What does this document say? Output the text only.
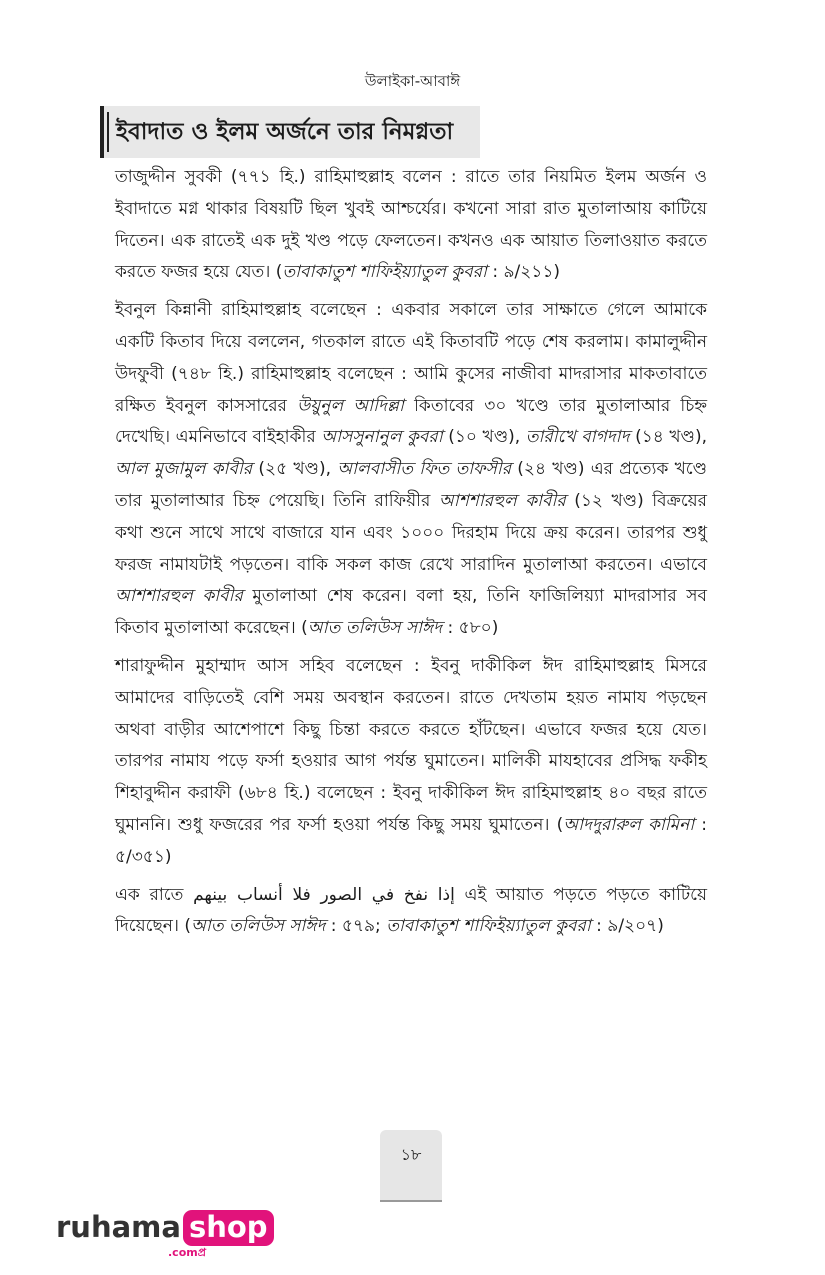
উলাইকা-আবাঈ
ইবাদাত ও ইলম অর্জনে তার নিমগ্নতা

তাজুদ্দীন সুবকী (৭৭১ হি.) রাহিমাহুল্লাহ বলেন : রাতে তার নিয়মিত ইলম অর্জন ও ইবাদাতে মগ্ন থাকার বিষয়টি ছিল খুবই আশ্চর্যের। কখনো সারা রাত মুতালাআয় কাটিয়ে দিতেন। এক রাতেই এক দুই খণ্ড পড়ে ফেলতেন। কখনও এক আয়াত তিলাওয়াত করতে করতে ফজর হয়ে যেত। (তাবাকাতুশ শাফিইয়্যাতুল কুবরা : ৯/২১১)

ইবনুল কিন্নানী রাহিমাহুল্লাহ বলেছেন : একবার সকালে তার সাক্ষাতে গেলে আমাকে একটি কিতাব দিয়ে বললেন, গতকাল রাতে এই কিতাবটি পড়ে শেষ করলাম। কামালুদ্দীন উদফুবী (৭৪৮ হি.) রাহিমাহুল্লাহ বলেছেন : আমি কুসের নাজীবা মাদরাসার মাকতাবাতে রক্ষিত ইবনুল কাসসারের উয়ুনুল আদিল্লা কিতাবের ৩০ খণ্ডে তার মুতালাআর চিহ্ন দেখেছি। এমনিভাবে বাইহাকীর আসসুনানুল কুবরা (১০ খণ্ড), তারীখে বাগদাদ (১৪ খণ্ড), আল মুজামুল কাবীর (২৫ খণ্ড), আলবাসীত ফিত তাফসীর (২৪ খণ্ড) এর প্রত্যেক খণ্ডে তার মুতালাআর চিহ্ন পেয়েছি। তিনি রাফিয়ীর আশশারহুল কাবীর (১২ খণ্ড) বিক্রয়ের কথা শুনে সাথে সাথে বাজারে যান এবং ১০০০ দিরহাম দিয়ে ক্রয় করেন। তারপর শুধু ফরজ নামাযটাই পড়তেন। বাকি সকল কাজ রেখে সারাদিন মুতালাআ করতেন। এভাবে আশশারহুল কাবীর মুতালাআ শেষ করেন। বলা হয়, তিনি ফাজিলিয়্যা মাদরাসার সব কিতাব মুতালাআ করেছেন। (আত তলিউস সাঈদ : ৫৮০)

শারাফুদ্দীন মুহাম্মাদ আস সহিব বলেছেন : ইবনু দাকীকিল ঈদ রাহিমাহুল্লাহ মিসরে আমাদের বাড়িতেই বেশি সময় অবস্থান করতেন। রাতে দেখতাম হয়ত নামায পড়ছেন অথবা বাড়ীর আশেপাশে কিছু চিন্তা করতে করতে হাঁটছেন। এভাবে ফজর হয়ে যেত। তারপর নামায পড়ে ফর্সা হওয়ার আগ পর্যন্ত ঘুমাতেন। মালিকী মাযহাবের প্রসিদ্ধ ফকীহ শিহাবুদ্দীন করাফী (৬৮৪ হি.) বলেছেন : ইবনু দাকীকিল ঈদ রাহিমাহুল্লাহ ৪০ বছর রাতে ঘুমাননি। শুধু ফজরের পর ফর্সা হওয়া পর্যন্ত কিছু সময় ঘুমাতেন। (আদদুরারুল কামিনা : ৫/৩৫১)

এক রাতে إذا نفخ في الصور فلا أنساب بينهم এই আয়াত পড়তে পড়তে কাটিয়ে দিয়েছেন। (আত তলিউস সাঈদ : ৫৭৯; তাবাকাতুশ শাফিইয়্যাতুল কুবরা : ৯/২০৭)

১৮
ruhama shop
.comপ্র
